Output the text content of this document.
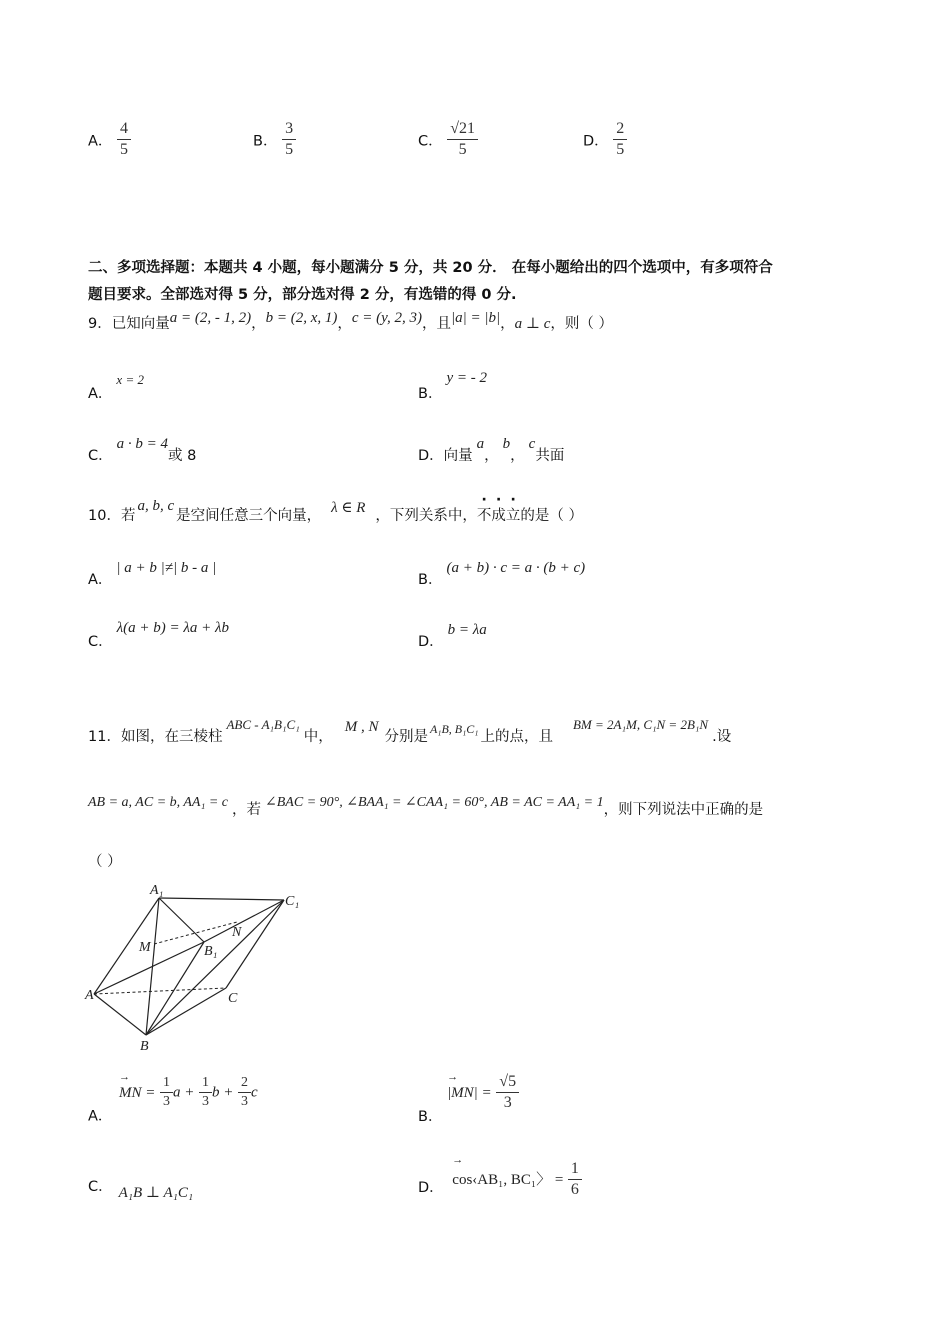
A． $\frac{4}{5}$	B． $\frac{3}{5}$	C． $\frac{√21}{5}$	D． $\frac{2}{5}$
二、多项选择题：本题共 4 小题，每小题满分 5 分，共 20 分． 在每小题给出的四个选项中，有多项符合
题目要求。全部选对得 5 分，部分选对得 2 分，有选错的得 0 分.
9．已知向量a = (2, - 1, 2)，b = (2, x, 1)，c = (y, 2, 3)，且|a| = |b|，a ⊥ c，则（ ）
A．x = 2
B．y = - 2
C．a · b = 4或 8	D．向量a，b，c共面
10．若a, b, c是空间任意三个向量， λ ∈ R ，下列关系中，不成立的是（ ）
A．| a + b |≠| b - a |
B．(a + b) · c = a · (b + c)
C．λ(a + b) = λa + λb
D．b = λa
11．如图，在三棱柱ABC - A₁B₁C₁中，M , N分别是 $^{A_1B, B_1C_1}$ 上的点，且BM = 2A₁M, C₁N = 2B₁N.设
AB = a, AC = b, AA₁ = c ，若 ∠BAC = 90°, ∠BAA₁ = ∠CAA₁ = 60°, AB = AC = AA₁ = 1，则下列说法中正确的是
（ ）
A₁
C₁
N
M	B₁
A	C
B
A． → MN = $\frac{1}{3}$ $a + \frac{1}{3}$ $b + \frac{2}{3}$ c
B． → $|MN| = \frac{√5}{3}$
C． A₁B ⊥ A₁C₁	D． → cos‹AB₁, BC₁〉 = $\frac{1}{6}$
